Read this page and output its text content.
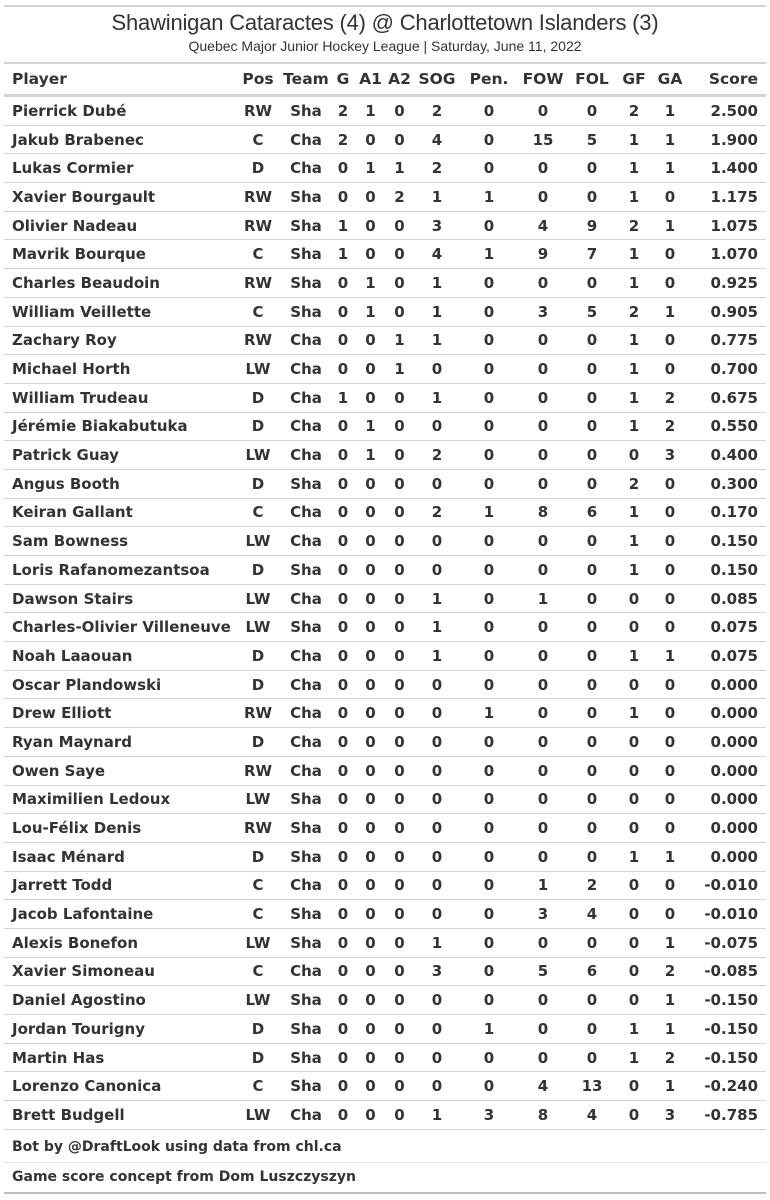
Shawinigan Cataractes (4) @ Charlottetown Islanders (3)
Quebec Major Junior Hockey League | Saturday, June 11, 2022
Player	Pos	Team	G	A1	A2	SOG	Pen.	FOW	FOL	GF	GA	Score
Pierrick Dubé	RW	Sha	2	1	0	2	0	0	0	2	1	2.500
Jakub Brabenec	C	Cha	2	0	0	4	0	15	5	1	1	1.900
Lukas Cormier	D	Cha	0	1	1	2	0	0	0	1	1	1.400
Xavier Bourgault	RW	Sha	0	0	2	1	1	0	0	1	0	1.175
Olivier Nadeau	RW	Sha	1	0	0	3	0	4	9	2	1	1.075
Mavrik Bourque	C	Sha	1	0	0	4	1	9	7	1	0	1.070
Charles Beaudoin	RW	Sha	0	1	0	1	0	0	0	1	0	0.925
William Veillette	C	Sha	0	1	0	1	0	3	5	2	1	0.905
Zachary Roy	RW	Cha	0	0	1	1	0	0	0	1	0	0.775
Michael Horth	LW	Cha	0	0	1	0	0	0	0	1	0	0.700
William Trudeau	D	Cha	1	0	0	1	0	0	0	1	2	0.675
Jérémie Biakabutuka	D	Cha	0	1	0	0	0	0	0	1	2	0.550
Patrick Guay	LW	Cha	0	1	0	2	0	0	0	0	3	0.400
Angus Booth	D	Sha	0	0	0	0	0	0	0	2	0	0.300
Keiran Gallant	C	Cha	0	0	0	2	1	8	6	1	0	0.170
Sam Bowness	LW	Cha	0	0	0	0	0	0	0	1	0	0.150
Loris Rafanomezantsoa	D	Sha	0	0	0	0	0	0	0	1	0	0.150
Dawson Stairs	LW	Cha	0	0	0	1	0	1	0	0	0	0.085
Charles-Olivier Villeneuve	LW	Sha	0	0	0	1	0	0	0	0	0	0.075
Noah Laaouan	D	Cha	0	0	0	1	0	0	0	1	1	0.075
Oscar Plandowski	D	Cha	0	0	0	0	0	0	0	0	0	0.000
Drew Elliott	RW	Cha	0	0	0	0	1	0	0	1	0	0.000
Ryan Maynard	D	Cha	0	0	0	0	0	0	0	0	0	0.000
Owen Saye	RW	Cha	0	0	0	0	0	0	0	0	0	0.000
Maximilien Ledoux	LW	Sha	0	0	0	0	0	0	0	0	0	0.000
Lou-Félix Denis	RW	Sha	0	0	0	0	0	0	0	0	0	0.000
Isaac Ménard	D	Sha	0	0	0	0	0	0	0	1	1	0.000
Jarrett Todd	C	Cha	0	0	0	0	0	1	2	0	0	-0.010
Jacob Lafontaine	C	Sha	0	0	0	0	0	3	4	0	0	-0.010
Alexis Bonefon	LW	Sha	0	0	0	1	0	0	0	0	1	-0.075
Xavier Simoneau	C	Cha	0	0	0	3	0	5	6	0	2	-0.085
Daniel Agostino	LW	Sha	0	0	0	0	0	0	0	0	1	-0.150
Jordan Tourigny	D	Sha	0	0	0	0	1	0	0	1	1	-0.150
Martin Has	D	Sha	0	0	0	0	0	0	0	1	2	-0.150
Lorenzo Canonica	C	Sha	0	0	0	0	0	4	13	0	1	-0.240
Brett Budgell	LW	Cha	0	0	0	1	3	8	4	0	3	-0.785
Bot by @DraftLook using data from chl.ca
Game score concept from Dom Luszczyszyn
